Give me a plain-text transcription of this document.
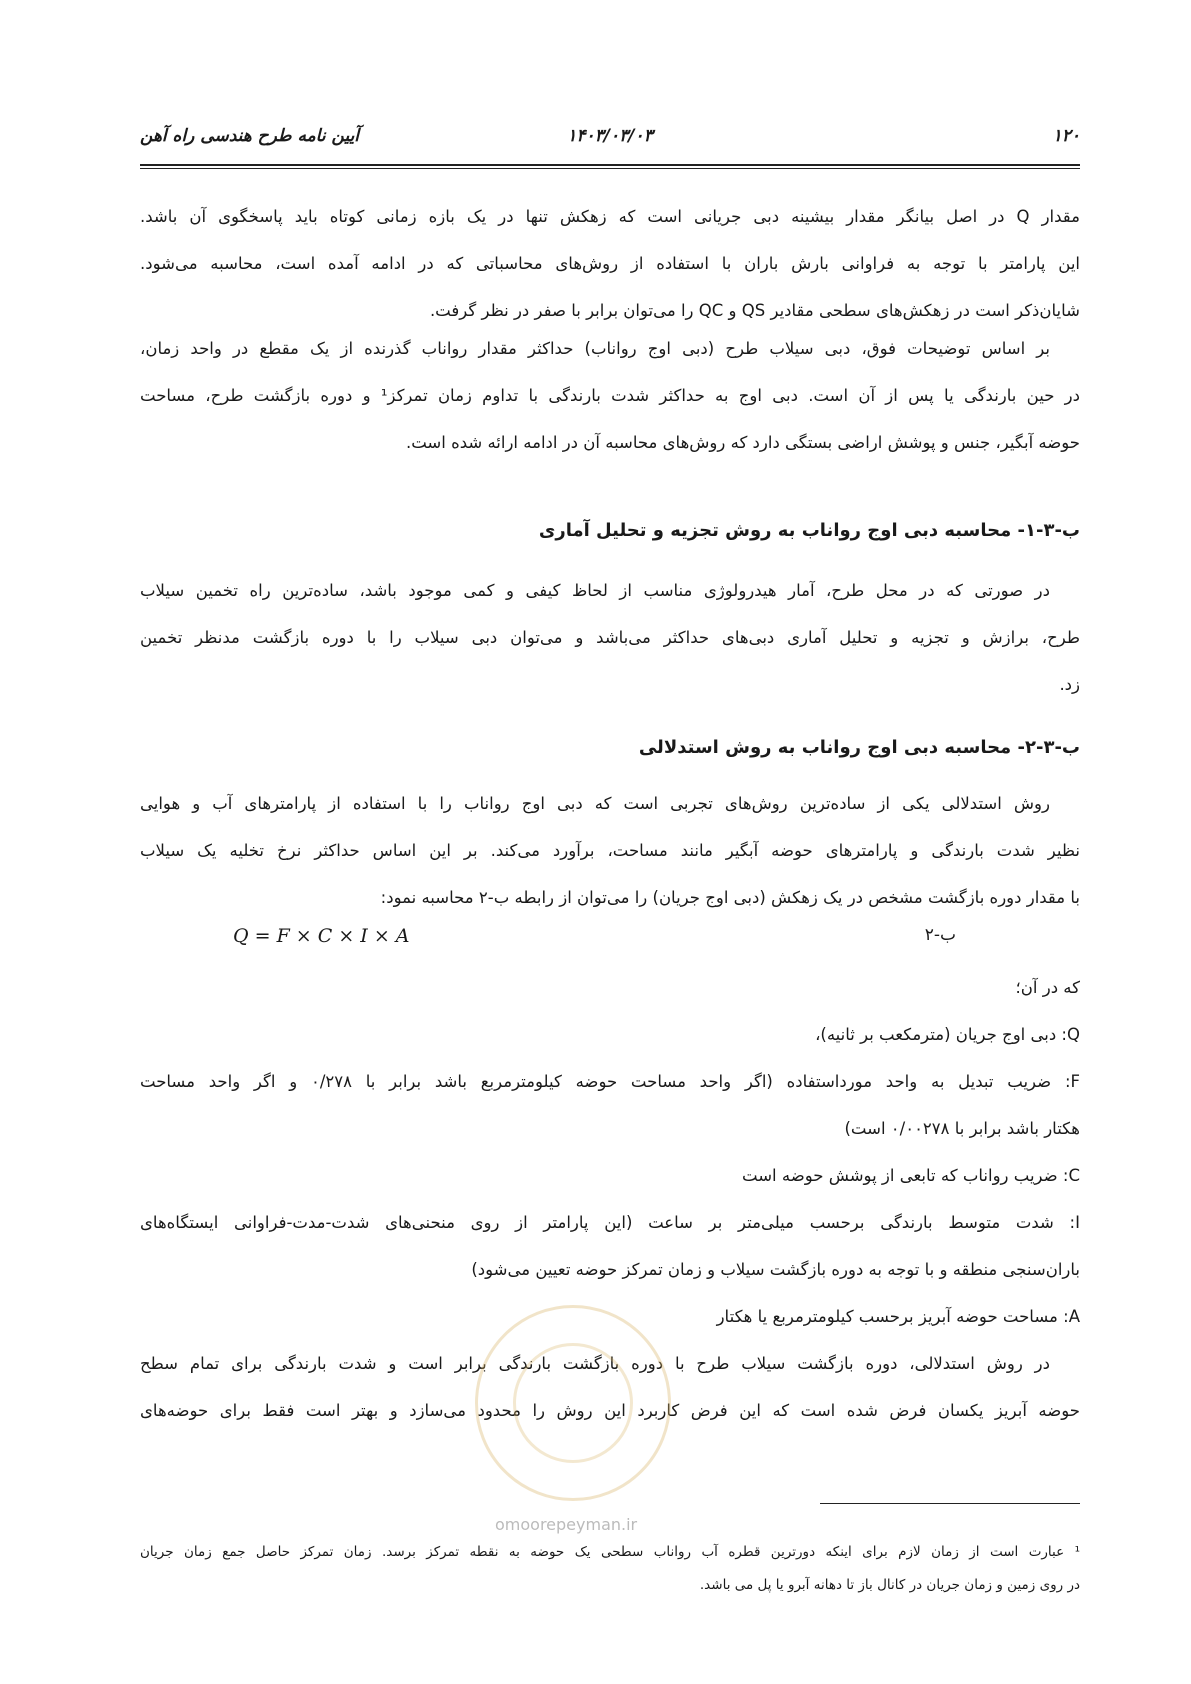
۱۲۰
۱۴۰۳/۰۳/۰۳
آیین نامه طرح هندسی راه آهن
مقدار Q در اصل بیانگر مقدار بیشینه دبی جریانی است که زهکش تنها در یک بازه زمانی کوتاه باید پاسخگوی آن باشد.
این پارامتر با توجه به فراوانی بارش باران با استفاده از روش‌های محاسباتی که در ادامه آمده است، محاسبه می‌شود.
شایان‌ذکر است در زهکش‌های سطحی مقادیر QS و QC را می‌توان برابر با صفر در نظر گرفت.
بر اساس توضیحات فوق، دبی سیلاب طرح (دبی اوج رواناب) حداکثر مقدار رواناب گذرنده از یک مقطع در واحد زمان،
در حین بارندگی یا پس از آن است. دبی اوج به حداکثر شدت بارندگی با تداوم زمان تمرکز¹ و دوره بازگشت طرح، مساحت
حوضه آبگیر، جنس و پوشش اراضی بستگی دارد که روش‌های محاسبه آن در ادامه ارائه شده است.
ب-۳-۱- محاسبه دبی اوج رواناب به روش تجزیه و تحلیل آماری
در صورتی که در محل طرح، آمار هیدرولوژی مناسب از لحاظ کیفی و کمی موجود باشد، ساده‌ترین راه تخمین سیلاب
طرح، برازش و تجزیه و تحلیل آماری دبی‌های حداکثر می‌باشد و می‌توان دبی سیلاب را با دوره بازگشت مدنظر تخمین
زد.
ب-۳-۲- محاسبه دبی اوج رواناب به روش استدلالی
روش استدلالی یکی از ساده‌ترین روش‌های تجربی است که دبی اوج رواناب را با استفاده از پارامترهای آب و هوایی
نظیر شدت بارندگی و پارامترهای حوضه آبگیر مانند مساحت، برآورد می‌کند. بر این اساس حداکثر نرخ تخلیه یک سیلاب
با مقدار دوره بازگشت مشخص در یک زهکش (دبی اوج جریان) را می‌توان از رابطه ب-۲ محاسبه نمود:
Q = F × C × I × A	ب-۲
که در آن؛
Q: دبی اوج جریان (مترمکعب بر ثانیه)،
F: ضریب تبدیل به واحد مورداستفاده (اگر واحد مساحت حوضه کیلومترمربع باشد برابر با ۰/۲۷۸ و اگر واحد مساحت
هکتار باشد برابر با ۰/۰۰۲۷۸ است)
C: ضریب رواناب که تابعی از پوشش حوضه است
I: شدت متوسط بارندگی برحسب میلی‌متر بر ساعت (این پارامتر از روی منحنی‌های شدت-مدت-فراوانی ایستگاه‌های
باران‌سنجی منطقه و با توجه به دوره بازگشت سیلاب و زمان تمرکز حوضه تعیین می‌شود)
A: مساحت حوضه آبریز برحسب کیلومترمربع یا هکتار
در روش استدلالی، دوره بازگشت سیلاب طرح با دوره بازگشت بارندگی برابر است و شدت بارندگی برای تمام سطح
حوضه آبریز یکسان فرض شده است که این فرض کاربرد این روش را محدود می‌سازد و بهتر است فقط برای حوضه‌های
omoorepeyman.ir
¹ عبارت است از زمان لازم برای اینکه دورترین قطره آب رواناب سطحی یک حوضه به نقطه تمرکز برسد. زمان تمرکز حاصل جمع زمان جریان
در روی زمین و زمان جریان در کانال باز تا دهانه آبرو یا پل می باشد.
